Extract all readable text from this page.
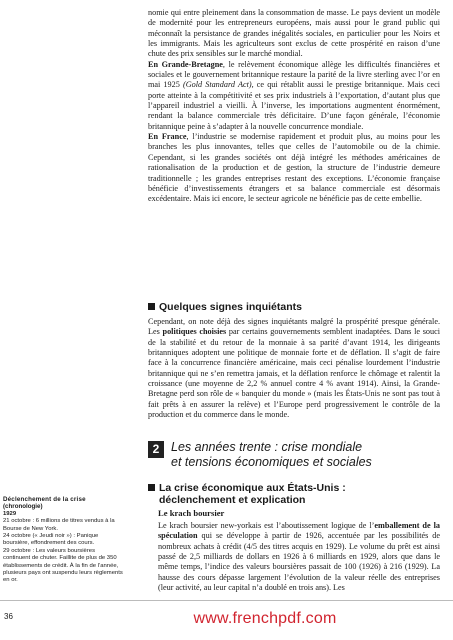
nomie qui entre pleinement dans la consommation de masse. Le pays devient un modèle de modernité pour les entrepreneurs européens, mais aussi pour le grand public qui méconnaît la persistance de grandes inégalités sociales, en particulier pour les Noirs et les immigrants. Mais les agriculteurs sont exclus de cette prospérité en raison d’une chute des prix sensibles sur le marché mondial.

En Grande-Bretagne, le relèvement économique allège les difficultés financières et sociales et le gouvernement britannique restaure la parité de la livre sterling avec l’or en mai 1925 (Gold Standard Act), ce qui rétablit aussi le prestige britannique. Mais ceci porte atteinte à la compétitivité et ses prix industriels à l’exportation, d’autant plus que l’appareil industriel a vieilli. À l’inverse, les importations augmentent énormément, rendant la balance commerciale très déficitaire. D’une façon générale, l’économie britannique peine à s’adapter à la nouvelle concurrence mondiale.

En France, l’industrie se modernise rapidement et produit plus, au moins pour les branches les plus innovantes, telles que celles de l’automobile ou de la chimie. Cependant, si les grandes sociétés ont déjà intégré les méthodes américaines de rationalisation de la production et de gestion, la structure de l’industrie demeure traditionnelle ; les grandes entreprises restant des exceptions. L’économie française bénéficie d’investissements étrangers et sa balance commerciale est désormais excédentaire. Mais ici encore, le secteur agricole ne bénéficie pas de cette embellie.

Quelques signes inquiétants

Cependant, on note déjà des signes inquiétants malgré la prospérité presque générale. Les politiques choisies par certains gouvernements semblent inadaptées. Dans le souci de la stabilité et du retour de la monnaie à sa parité d’avant 1914, les dirigeants britanniques adoptent une politique de monnaie forte et de déflation. Il s’agit de faire face à la concurrence financière américaine, mais ceci pénalise lourdement l’industrie britannique qui ne s’en remettra jamais, et la déflation renforce le chômage et ralentit la croissance (une moyenne de 2,2 % annuel contre 4 % avant 1914). Ainsi, la Grande-Bretagne perd son rôle de « banquier du monde » (mais les États-Unis ne sont pas tout à fait prêts à en assurer la relève) et l’Europe perd progressivement le contrôle de la production et du commerce dans le monde.

2 Les années trente : crise mondiale
et tensions économiques et sociales
La crise économique aux États-Unis :
déclenchement et explication
Le krach boursier

Le krach boursier new-yorkais est l’aboutissement logique de l’emballement de la spéculation qui se développe à partir de 1926, accentuée par les possibilités de nombreux achats à crédit (4/5 des titres acquis en 1929). Le volume du prêt est ainsi passé de 2,5 milliards de dollars en 1926 à 6 milliards en 1929, alors que dans le même temps, l’indice des valeurs boursières passait de 100 (1926) à 216 (1929). La hausse des cours dépasse largement l’évolution de la valeur réelle des entreprises (leur activité, au leur capital n’a doublé en trois ans). Les

Déclenchement de la crise
(chronologie)
1929

21 octobre : 6 millions de titres vendus à la Bourse de New York.

24 octobre (« Jeudi noir ») : Panique boursière, effondrement des cours.

29 octobre : Les valeurs boursières continuent de chuter. Faillite de plus de 350 établissements de crédit. À la fin de l’année, plusieurs pays ont suspendu leurs règlements en or.

36	www.frenchpdf.com
